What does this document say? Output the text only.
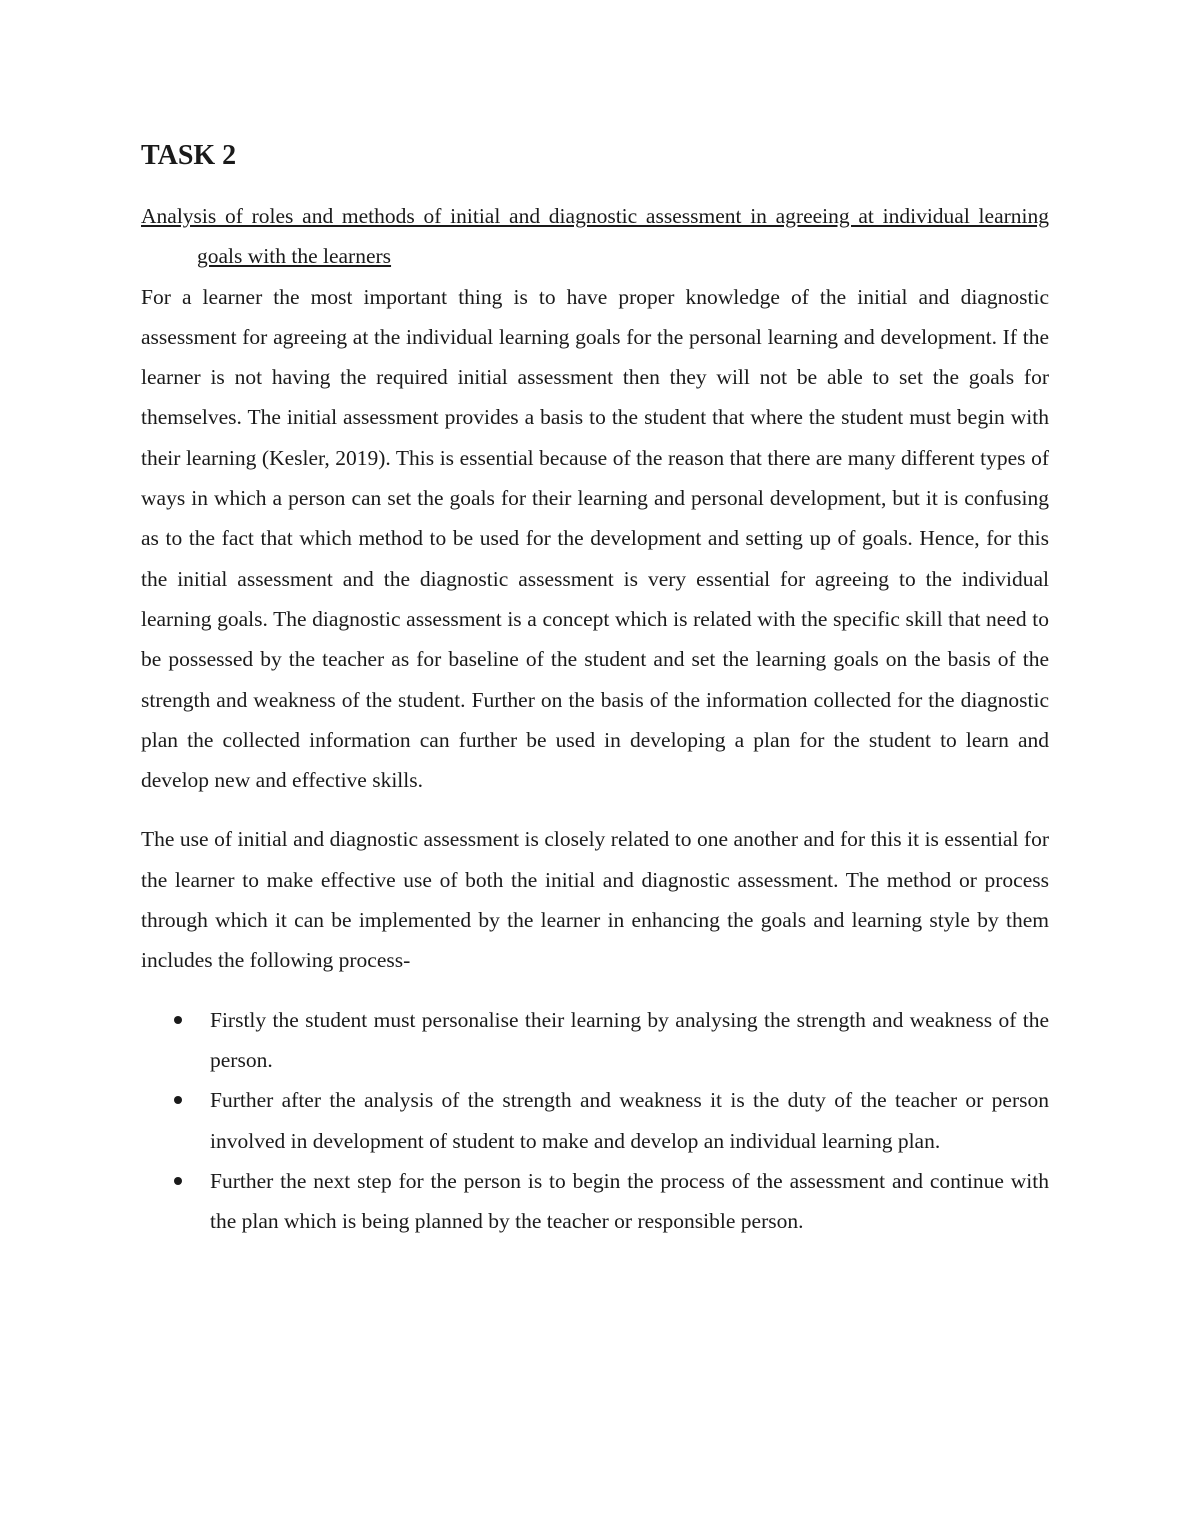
TASK 2

Analysis of roles and methods of initial and diagnostic assessment in agreeing at individual learning goals with the learners

For a learner the most important thing is to have proper knowledge of the initial and diagnostic assessment for agreeing at the individual learning goals for the personal learning and development. If the learner is not having the required initial assessment then they will not be able to set the goals for themselves. The initial assessment provides a basis to the student that where the student must begin with their learning (Kesler, 2019). This is essential because of the reason that there are many different types of ways in which a person can set the goals for their learning and personal development, but it is confusing as to the fact that which method to be used for the development and setting up of goals. Hence, for this the initial assessment and the diagnostic assessment is very essential for agreeing to the individual learning goals. The diagnostic assessment is a concept which is related with the specific skill that need to be possessed by the teacher as for baseline of the student and set the learning goals on the basis of the strength and weakness of the student. Further on the basis of the information collected for the diagnostic plan the collected information can further be used in developing a plan for the student to learn and develop new and effective skills.

The use of initial and diagnostic assessment is closely related to one another and for this it is essential for the learner to make effective use of both the initial and diagnostic assessment. The method or process through which it can be implemented by the learner in enhancing the goals and learning style by them includes the following process-

Firstly the student must personalise their learning by analysing the strength and weakness of the person.
Further after the analysis of the strength and weakness it is the duty of the teacher or person involved in development of student to make and develop an individual learning plan.
Further the next step for the person is to begin the process of the assessment and continue with the plan which is being planned by the teacher or responsible person.
